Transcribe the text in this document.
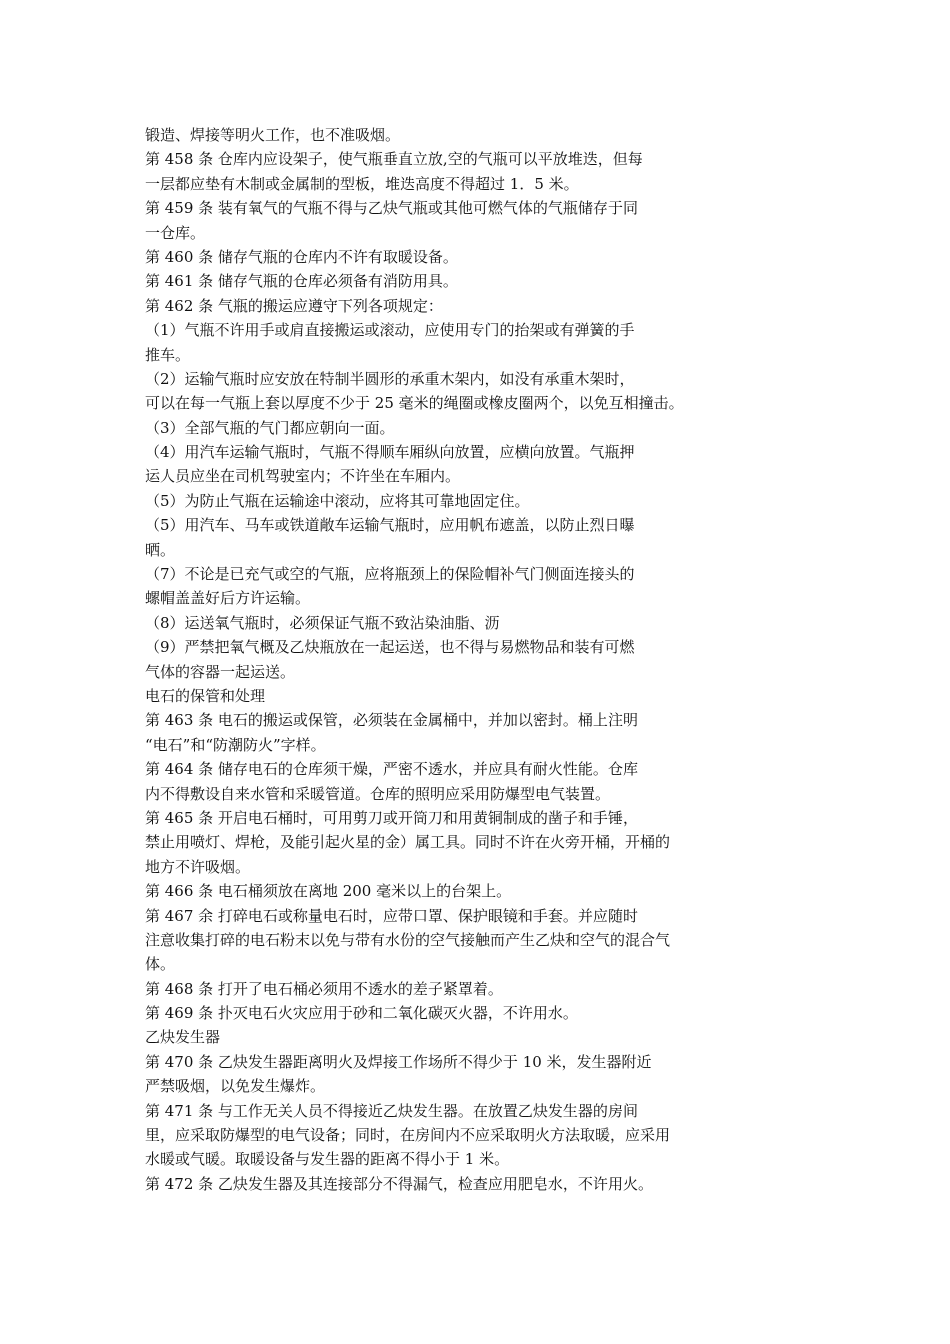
锻造、焊接等明火工作，也不准吸烟。
第 458 条 仓库内应设架子，使气瓶垂直立放,空的气瓶可以平放堆迭，但每
一层都应垫有木制或金属制的型板，堆迭高度不得超过 1．5 米。
第 459 条 装有氧气的气瓶不得与乙炔气瓶或其他可燃气体的气瓶储存于同
一仓库。
第 460 条 储存气瓶的仓库内不许有取暖设备。
第 461 条 储存气瓶的仓库必须备有消防用具。
第 462 条 气瓶的搬运应遵守下列各项规定：
（1）气瓶不许用手或肩直接搬运或滚动，应使用专门的抬架或有弹簧的手
推车。
（2）运输气瓶时应安放在特制半圆形的承重木架内，如没有承重木架时，
可以在每一气瓶上套以厚度不少于 25 毫米的绳圈或橡皮圈两个，以免互相撞击。
（3）全部气瓶的气门都应朝向一面。
（4）用汽车运输气瓶时，气瓶不得顺车厢纵向放置，应横向放置。气瓶押
运人员应坐在司机驾驶室内；不许坐在车厢内。
（5）为防止气瓶在运输途中滚动，应将其可靠地固定住。
（5）用汽车、马车或铁道敞车运输气瓶时，应用帆布遮盖，以防止烈日曝
晒。
（7）不论是已充气或空的气瓶，应将瓶颈上的保险帽补气门侧面连接头的
螺帽盖盖好后方许运输。
（8）运送氧气瓶时，必须保证气瓶不致沾染油脂、沥
（9）严禁把氧气概及乙炔瓶放在一起运送，也不得与易燃物品和装有可燃
气体的容器一起运送。
电石的保管和处理
第 463 条 电石的搬运或保管，必须装在金属桶中，并加以密封。桶上注明
“电石”和“防潮防火”字样。
第 464 条 储存电石的仓库须干燥，严密不透水，并应具有耐火性能。仓库
内不得敷设自来水管和采暖管道。仓库的照明应采用防爆型电气装置。
第 465 条 开启电石桶时，可用剪刀或开筒刀和用黄铜制成的凿子和手锤，
禁止用喷灯、焊枪，及能引起火星的金）属工具。同时不许在火旁开桶，开桶的
地方不许吸烟。
第 466 条 电石桶须放在离地 200 毫米以上的台架上。
第 467 余 打碎电石或称量电石时，应带口罩、保护眼镜和手套。并应随时
注意收集打碎的电石粉末以免与带有水份的空气接触而产生乙炔和空气的混合气
体。
第 468 条 打开了电石桶必须用不透水的差子紧罩着。
第 469 条 扑灭电石火灾应用于砂和二氧化碳灭火器，不许用水。
乙炔发生器
第 470 条 乙炔发生器距离明火及焊接工作场所不得少于 10 米，发生器附近
严禁吸烟，以免发生爆炸。
第 471 条 与工作无关人员不得接近乙炔发生器。在放置乙炔发生器的房间
里，应采取防爆型的电气设备；同时，在房间内不应采取明火方法取暖，应采用
水暖或气暖。取暖设备与发生器的距离不得小于 1 米。
第 472 条 乙炔发生器及其连接部分不得漏气，检查应用肥皂水，不许用火。
